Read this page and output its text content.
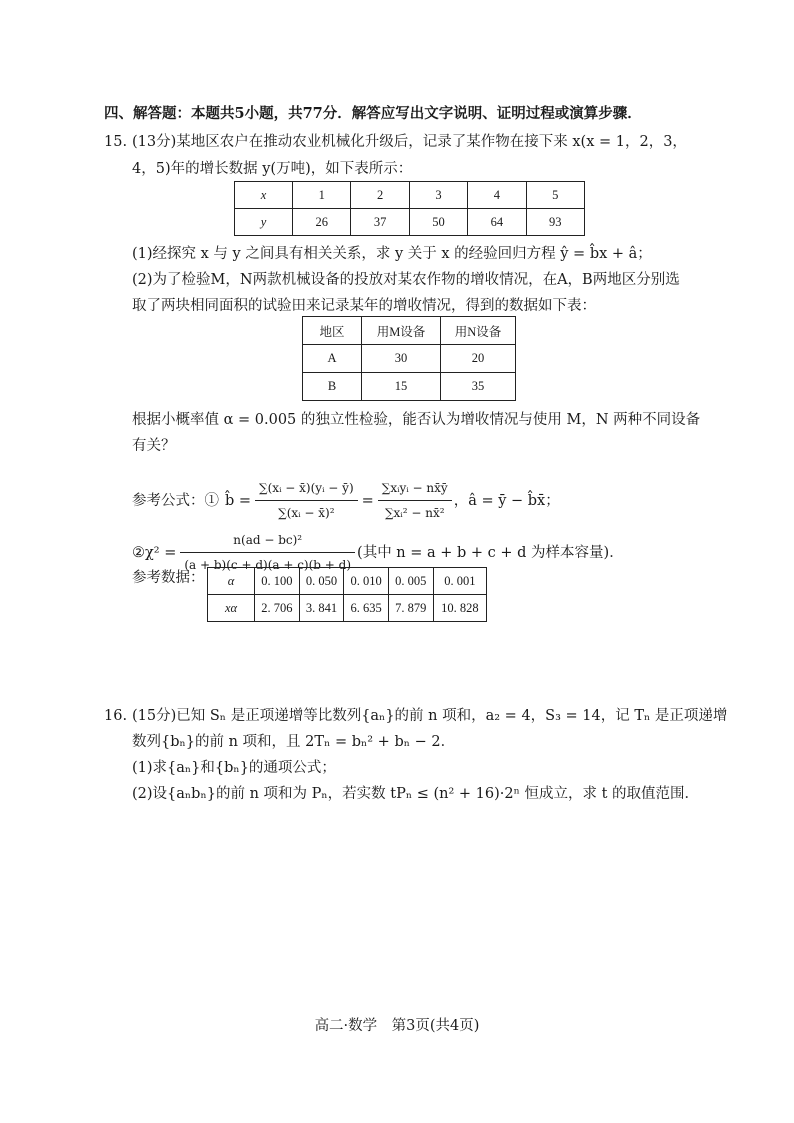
四、解答题：本题共5小题，共77分．解答应写出文字说明、证明过程或演算步骤．
15. (13分)某地区农户在推动农业机械化升级后，记录了某作物在接下来 x(x = 1，2，3，
4，5)年的增长数据 y(万吨)，如下表所示：
x	1	2	3	4	5
y	26	37	50	64	93
(1)经探究 x 与 y 之间具有相关关系，求 y 关于 x 的经验回归方程 ŷ = b̂x + â；
(2)为了检验M，N两款机械设备的投放对某农作物的增收情况，在A，B两地区分别选
取了两块相同面积的试验田来记录某年的增收情况，得到的数据如下表：
地区	用M设备	用N设备
A	30	20
B	15	35
根据小概率值 α = 0.005 的独立性检验，能否认为增收情况与使用 M，N 两种不同设备
有关？
参考公式：① b̂ = $\frac{\text{∑(xᵢ − x̄)(yᵢ − ȳ)}}{\text{∑(xᵢ − x̄)²}} = \frac{\text{∑xᵢyᵢ − nx̄ȳ}}{\text{∑xᵢ² − nx̄²}}$ ，â = ȳ − b̂x̄；
②χ² = $\frac{\text{n(ad − bc)²}}{(a + b)(c + d)(a + c)(b + d)}$ (其中 n = a + b + c + d 为样本容量)．
参考数据： α	0. 100	0. 050	0. 010	0. 005	0. 001
xα	2. 706	3. 841	6. 635	7. 879	10. 828
16. (15分)已知 Sₙ 是正项递增等比数列{aₙ}的前 n 项和，a₂ = 4，S₃ = 14，记 Tₙ 是正项递增
数列{bₙ}的前 n 项和，且 2Tₙ = bₙ² + bₙ − 2．
(1)求{aₙ}和{bₙ}的通项公式；
(2)设{aₙbₙ}的前 n 项和为 Pₙ，若实数 tPₙ ≤ (n² + 16)·2ⁿ 恒成立，求 t 的取值范围．
高二·数学　第3页(共4页)
